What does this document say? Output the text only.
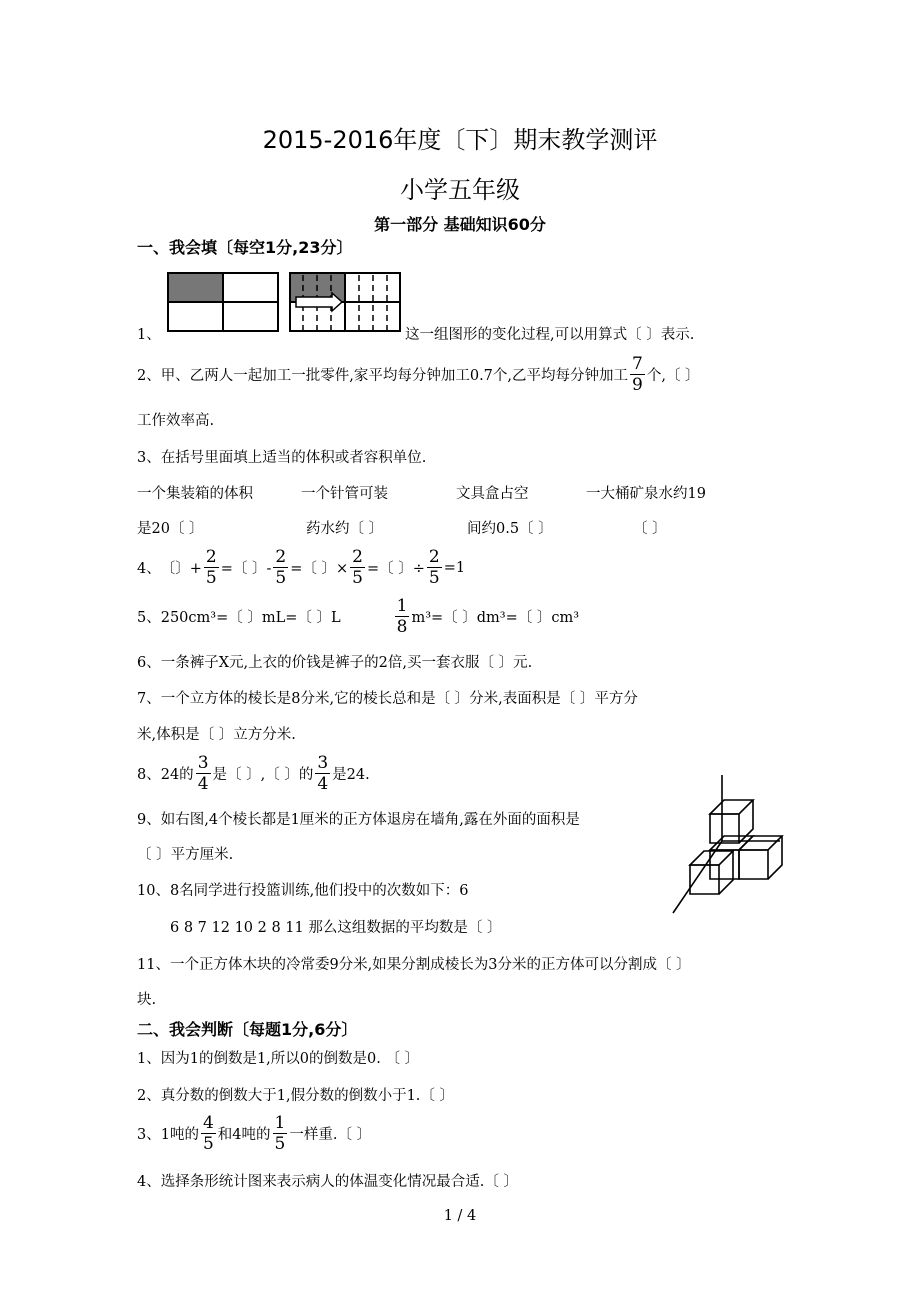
2015-2016年度〔下〕期末教学测评
小学五年级
第一部分 基础知识60分
一、我会填〔每空1分,23分〕
1、	这一组图形的变化过程,可以用算式〔 〕表示.
2、 甲、乙两人一起加工一批零件,家平均每分钟加工0.7个,乙平均每分钟加工 $\frac{7}{9}$ 个,〔 〕
工作效率高.
3、在括号里面填上适当的体积或者容积单位.
一个集装箱的体积	一个针管可装	文具盒占空	一大桶矿泉水约19
是20〔 〕	药水约〔 〕	间约0.5〔 〕	〔 〕
4、 〔〕+ $\frac{2}{5}$ =〔 〕- $\frac{2}{5}$ =〔 〕× $\frac{2}{5}$ =〔 〕÷ $\frac{2}{5} =1$
5、 250cm³=〔 〕mL=〔 〕L	$\frac{1}{8} m^3=$〔 〕dm³=〔 〕cm³
6、一条裤子X元,上衣的价钱是裤子的2倍,买一套衣服〔 〕元.
7、一个立方体的棱长是8分米,它的棱长总和是〔 〕分米,表面积是〔 〕平方分
米,体积是〔 〕立方分米.
8、 24的 $\frac{3}{4}$ 是〔 〕,〔 〕的 $\frac{3}{4}$ 是24.
9、如右图,4个棱长都是1厘米的正方体退房在墙角,露在外面的面积是
〔 〕平方厘米.
10、8名同学进行投篮训练,他们投中的次数如下：6
6 8 7 12 10 2 8 11 那么这组数据的平均数是〔 〕
11、一个正方体木块的冷常委9分米,如果分割成棱长为3分米的正方体可以分割成〔 〕
块.
二、我会判断〔每题1分,6分〕
1、因为1的倒数是1,所以0的倒数是0. 〔 〕
2、真分数的倒数大于1,假分数的倒数小于1.〔 〕
3、 1吨的 $\frac{4}{5}$ 和4吨的 $\frac{1}{5}$ 一样重.〔 〕
4、选择条形统计图来表示病人的体温变化情况最合适.〔 〕
1 / 4
